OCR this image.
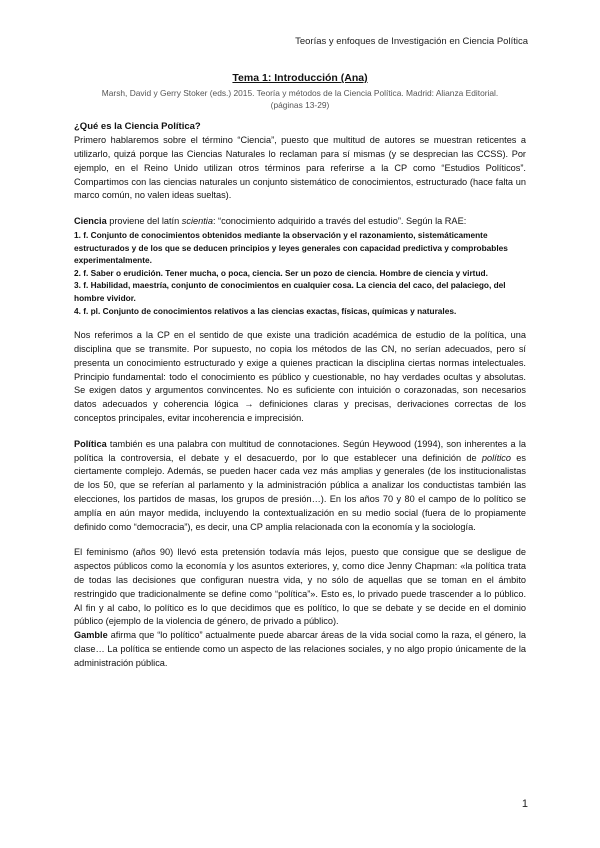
Teorías y enfoques de Investigación en Ciencia Política
Tema 1: Introducción (Ana)
Marsh, David y Gerry Stoker (eds.) 2015. Teoría y métodos de la Ciencia Política. Madrid: Alianza Editorial.
(páginas 13-29)
¿Qué es la Ciencia Política?

Primero hablaremos sobre el término “Ciencia”, puesto que multitud de autores se muestran reticentes a utilizarlo, quizá porque las Ciencias Naturales lo reclaman para sí mismas (y se desprecian las CCSS). Por ejemplo, en el Reino Unido utilizan otros términos para referirse a la CP como “Estudios Políticos”. Compartimos con las ciencias naturales un conjunto sistemático de conocimientos, estructurado (hace falta un marco común, no valen ideas sueltas).

Ciencia proviene del latín scientia: “conocimiento adquirido a través del estudio”. Según la RAE:

1. f. Conjunto de conocimientos obtenidos mediante la observación y el razonamiento, sistemáticamente estructurados y de los que se deducen principios y leyes generales con capacidad predictiva y comprobables experimentalmente.
2. f. Saber o erudición. Tener mucha, o poca, ciencia. Ser un pozo de ciencia. Hombre de ciencia y virtud.
3. f. Habilidad, maestría, conjunto de conocimientos en cualquier cosa. La ciencia del caco, del palaciego, del hombre vividor.
4. f. pl. Conjunto de conocimientos relativos a las ciencias exactas, físicas, químicas y naturales.

Nos referimos a la CP en el sentido de que existe una tradición académica de estudio de la política, una disciplina que se transmite. Por supuesto, no copia los métodos de las CN, no serían adecuados, pero sí presenta un conocimiento estructurado y exige a quienes practican la disciplina ciertas normas intelectuales. Principio fundamental: todo el conocimiento es público y cuestionable, no hay verdades ocultas y absolutas. Se exigen datos y argumentos convincentes. No es suficiente con intuición o corazonadas, son necesarios datos adecuados y coherencia lógica → definiciones claras y precisas, derivaciones correctas de los conceptos principales, evitar incoherencia e imprecisión.

Política también es una palabra con multitud de connotaciones. Según Heywood (1994), son inherentes a la política la controversia, el debate y el desacuerdo, por lo que establecer una definición de político es ciertamente complejo. Además, se pueden hacer cada vez más amplias y generales (de los institucionalistas de los 50, que se referían al parlamento y la administración pública a analizar los conductistas también las elecciones, los partidos de masas, los grupos de presión…). En los años 70 y 80 el campo de lo político se amplía en aún mayor medida, incluyendo la contextualización en su medio social (fuera de lo propiamente definido como “democracia”), es decir, una CP amplia relacionada con la economía y la sociología.

El feminismo (años 90) llevó esta pretensión todavía más lejos, puesto que consigue que se desligue de aspectos públicos como la economía y los asuntos exteriores, y, como dice Jenny Chapman: «la política trata de todas las decisiones que configuran nuestra vida, y no sólo de aquellas que se toman en el ámbito restringido que tradicionalmente se define como “política”». Esto es, lo privado puede trascender a lo público. Al fin y al cabo, lo político es lo que decidimos que es político, lo que se debate y se decide en el dominio público (ejemplo de la violencia de género, de privado a público).

Gamble afirma que “lo político” actualmente puede abarcar áreas de la vida social como la raza, el género, la clase… La política se entiende como un aspecto de las relaciones sociales, y no algo propio únicamente de la administración pública.

1
